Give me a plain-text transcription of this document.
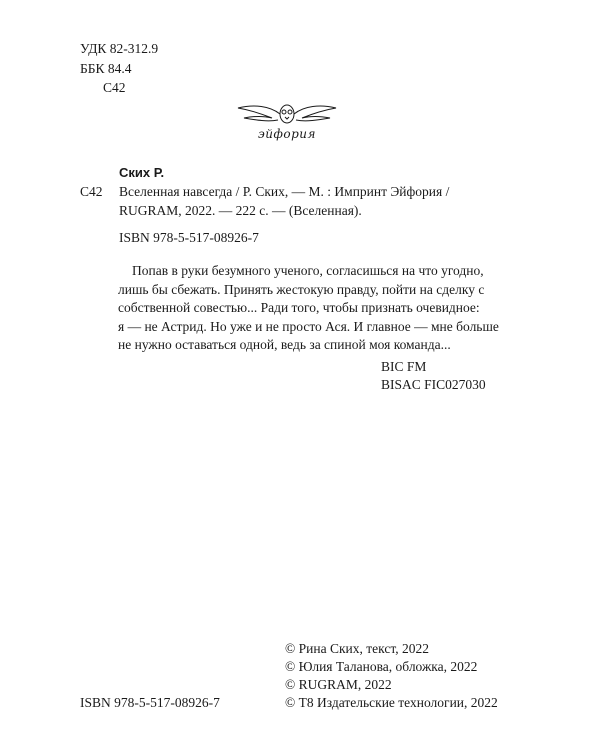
УДК 82-312.9
ББК 84.4
С42
эйфория
Ских Р.
С42 Вселенная навсегда / Р. Ских, — М. : Импринт Эйфория /
RUGRAM, 2022. — 222 с. — (Вселенная).
ISBN 978-5-517-08926-7
Попав в руки безумного ученого, согласишься на что угодно,
лишь бы сбежать. Принять жестокую правду, пойти на сделку с
собственной совестью... Ради того, чтобы признать очевидное:
я — не Астрид. Но уже и не просто Ася. И главное — мне больше
не нужно оставаться одной, ведь за спиной моя команда...
BIC FM
BISAC FIC027030
© Рина Ских, текст, 2022
© Юлия Таланова, обложка, 2022
© RUGRAM, 2022
© Т8 Издательские технологии, 2022
ISBN 978-5-517-08926-7
